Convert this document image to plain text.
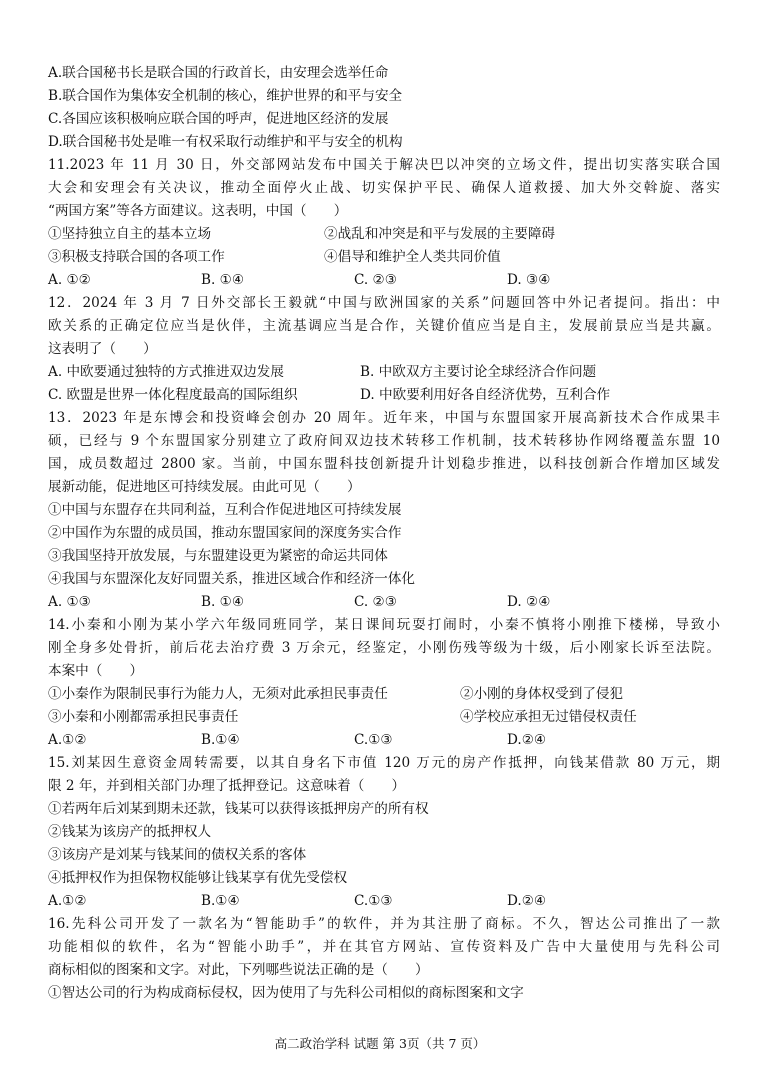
A.联合国秘书长是联合国的行政首长，由安理会选举任命
B.联合国作为集体安全机制的核心，维护世界的和平与安全
C.各国应该积极响应联合国的呼声，促进地区经济的发展
D.联合国秘书处是唯一有权采取行动维护和平与安全的机构
11.2023 年 11 月 30 日，外交部网站发布中国关于解决巴以冲突的立场文件，提出切实落实联合国
大会和安理会有关决议，推动全面停火止战、切实保护平民、确保人道救援、加大外交斡旋、落实
“两国方案”等各方面建议。这表明，中国（　　）
①坚持独立自主的基本立场	②战乱和冲突是和平与发展的主要障碍
③积极支持联合国的各项工作	④倡导和维护全人类共同价值
A. ①②	B. ①④	C. ②③	D. ③④
12．2024 年 3 月 7 日外交部长王毅就“中国与欧洲国家的关系”问题回答中外记者提问。指出：中
欧关系的正确定位应当是伙伴，主流基调应当是合作，关键价值应当是自主，发展前景应当是共赢。
这表明了（　　）
A. 中欧要通过独特的方式推进双边发展	B. 中欧双方主要讨论全球经济合作问题
C. 欧盟是世界一体化程度最高的国际组织	D. 中欧要利用好各自经济优势，互利合作
13．2023 年是东博会和投资峰会创办 20 周年。近年来，中国与东盟国家开展高新技术合作成果丰
硕，已经与 9 个东盟国家分别建立了政府间双边技术转移工作机制，技术转移协作网络覆盖东盟 10
国，成员数超过 2800 家。当前，中国东盟科技创新提升计划稳步推进，以科技创新合作增加区域发
展新动能，促进地区可持续发展。由此可见（　　）
①中国与东盟存在共同利益，互利合作促进地区可持续发展
②中国作为东盟的成员国，推动东盟国家间的深度务实合作
③我国坚持开放发展，与东盟建设更为紧密的命运共同体
④我国与东盟深化友好同盟关系，推进区域合作和经济一体化
A. ①③	B. ①④	C. ②③	D. ②④
14.小秦和小刚为某小学六年级同班同学，某日课间玩耍打闹时，小秦不慎将小刚推下楼梯，导致小
刚全身多处骨折，前后花去治疗费 3 万余元，经鉴定，小刚伤残等级为十级，后小刚家长诉至法院。
本案中（　　）
①小秦作为限制民事行为能力人，无须对此承担民事责任	②小刚的身体权受到了侵犯
③小秦和小刚都需承担民事责任	④学校应承担无过错侵权责任
A.①②	B.①④	C.①③	D.②④
15.刘某因生意资金周转需要，以其自身名下市值 120 万元的房产作抵押，向钱某借款 80 万元，期
限 2 年，并到相关部门办理了抵押登记。这意味着（　　）
①若两年后刘某到期未还款，钱某可以获得该抵押房产的所有权
②钱某为该房产的抵押权人
③该房产是刘某与钱某间的债权关系的客体
④抵押权作为担保物权能够让钱某享有优先受偿权
A.①②	B.①④	C.①③	D.②④
16.先科公司开发了一款名为“智能助手”的软件，并为其注册了商标。不久，智达公司推出了一款
功能相似的软件，名为“智能小助手”，并在其官方网站、宣传资料及广告中大量使用与先科公司
商标相似的图案和文字。对此，下列哪些说法正确的是（　　）
①智达公司的行为构成商标侵权，因为使用了与先科公司相似的商标图案和文字
高二政治学科 试题 第 3页（共 7 页）
